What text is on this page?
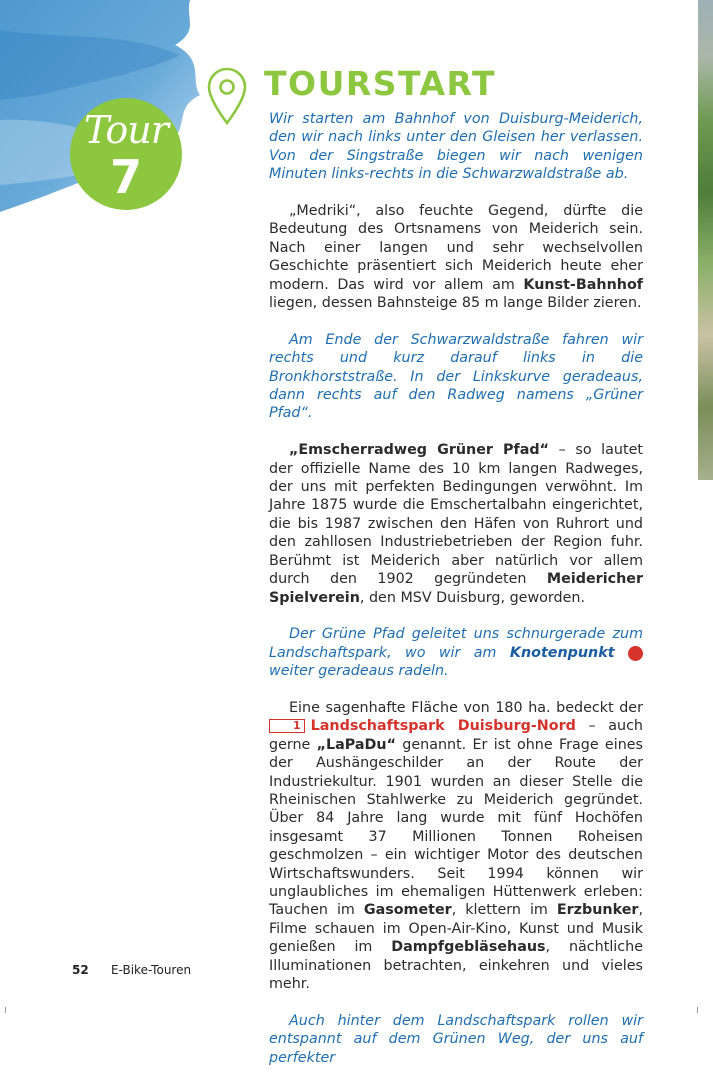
Tour
7
TOURSTART

Wir starten am Bahnhof von Duisburg-Meiderich, den wir nach links unter den Gleisen her verlassen. Von der Singstraße biegen wir nach wenigen Minuten links-rechts in die Schwarzwaldstraße ab.

„Medriki“, also feuchte Gegend, dürfte die Bedeutung des Ortsnamens von Meiderich sein. Nach einer langen und sehr wechselvollen Geschichte präsentiert sich Meiderich heute eher modern. Das wird vor allem am Kunst-Bahnhof liegen, dessen Bahnsteige 85 m lange Bilder zieren.

Am Ende der Schwarzwaldstraße fahren wir rechts und kurz darauf links in die Bronkhorststraße. In der Linkskurve geradeaus, dann rechts auf den Radweg namens „Grüner Pfad“.

„Emscherradweg Grüner Pfad“ – so lautet der offizielle Name des 10 km langen Radweges, der uns mit perfekten Bedingungen verwöhnt. Im Jahre 1875 wurde die Emschertalbahn eingerichtet, die bis 1987 zwischen den Häfen von Ruhrort und den zahllosen Industriebetrieben der Region fuhr. Berühmt ist Meiderich aber natürlich vor allem durch den 1902 gegründeten Meidericher Spielverein, den MSV Duisburg, geworden.

Der Grüne Pfad geleitet uns schnurgerade zum Landschaftspark, wo wir am Knotenpunkt	25 weiter geradeaus radeln.

Eine sagenhafte Fläche von 180 ha. bedeckt der 1 Landschaftspark Duisburg-Nord – auch gerne „LaPaDu“ genannt. Er ist ohne Frage eines der Aushängeschilder an der Route der Industriekultur. 1901 wurden an dieser Stelle die Rheinischen Stahlwerke zu Meiderich gegründet. Über 84 Jahre lang wurde mit fünf Hochöfen insgesamt 37 Millionen Tonnen Roheisen geschmolzen – ein wichtiger Motor des deutschen Wirtschaftswunders. Seit 1994 können wir unglaubliches im ehemaligen Hüttenwerk erleben: Tauchen im Gasometer, klettern im Erzbunker, Filme schauen im Open-Air-Kino, Kunst und Musik genießen im Dampfgebläsehaus, nächtliche Illuminationen betrachten, einkehren und vieles mehr.

Auch hinter dem Landschaftspark rollen wir entspannt auf dem Grünen Weg, der uns auf perfekter

52 E-Bike-Touren
